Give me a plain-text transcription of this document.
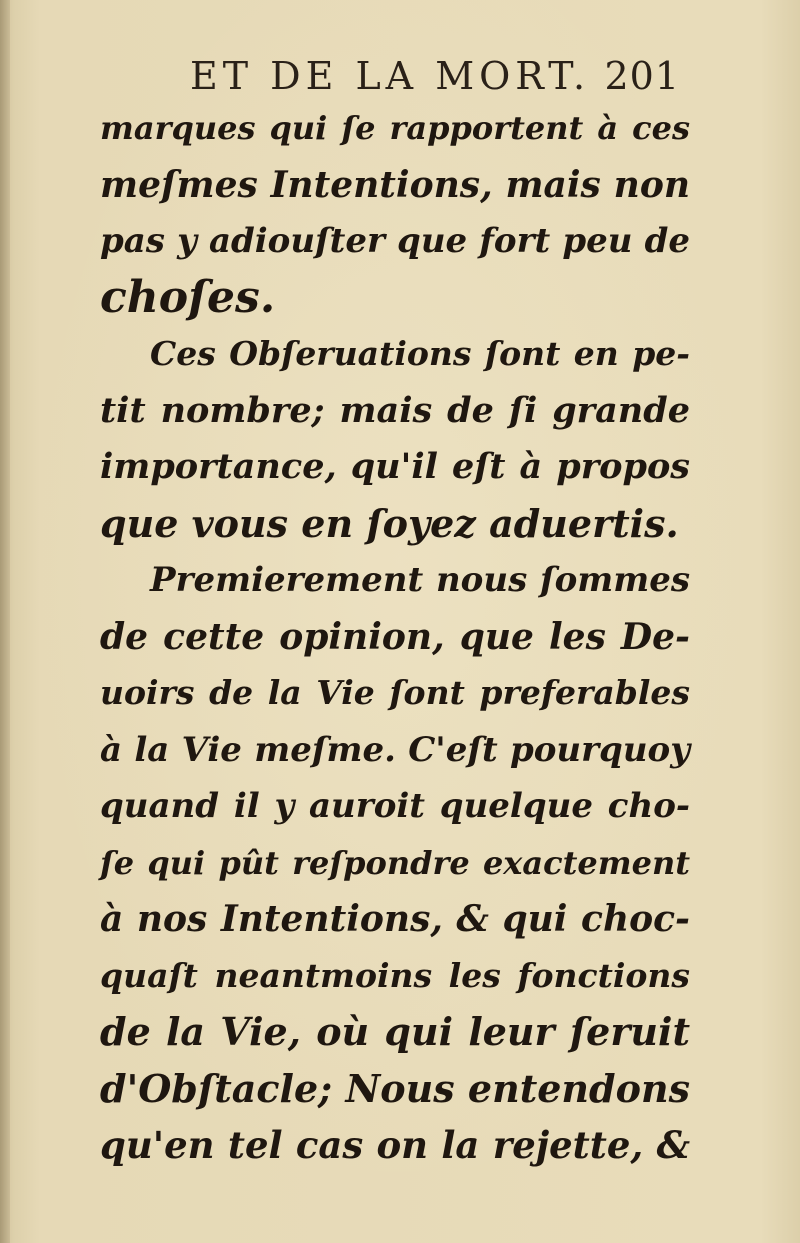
ET DE LA MORT. 201
marques qui ſe rapportent à ces
meſmes Intentions, mais non
pas y adiouſter que fort peu de
choſes.
Ces Obſeruations ſont en pe-
tit nombre; mais de ſi grande
importance, qu'il eſt à propos
que vous en ſoyez aduertis.
Premierement nous ſommes
de cette opinion, que les De-
uoirs de la Vie ſont preferables
à la Vie meſme. C'eſt pourquoy
quand il y auroit quelque cho-
ſe qui pût reſpondre exactement
à nos Intentions, & qui choc-
quaſt neantmoins les fonctions
de la Vie, où qui leur ſeruit
d'Obſtacle; Nous entendons
qu'en tel cas on la rejette, &
